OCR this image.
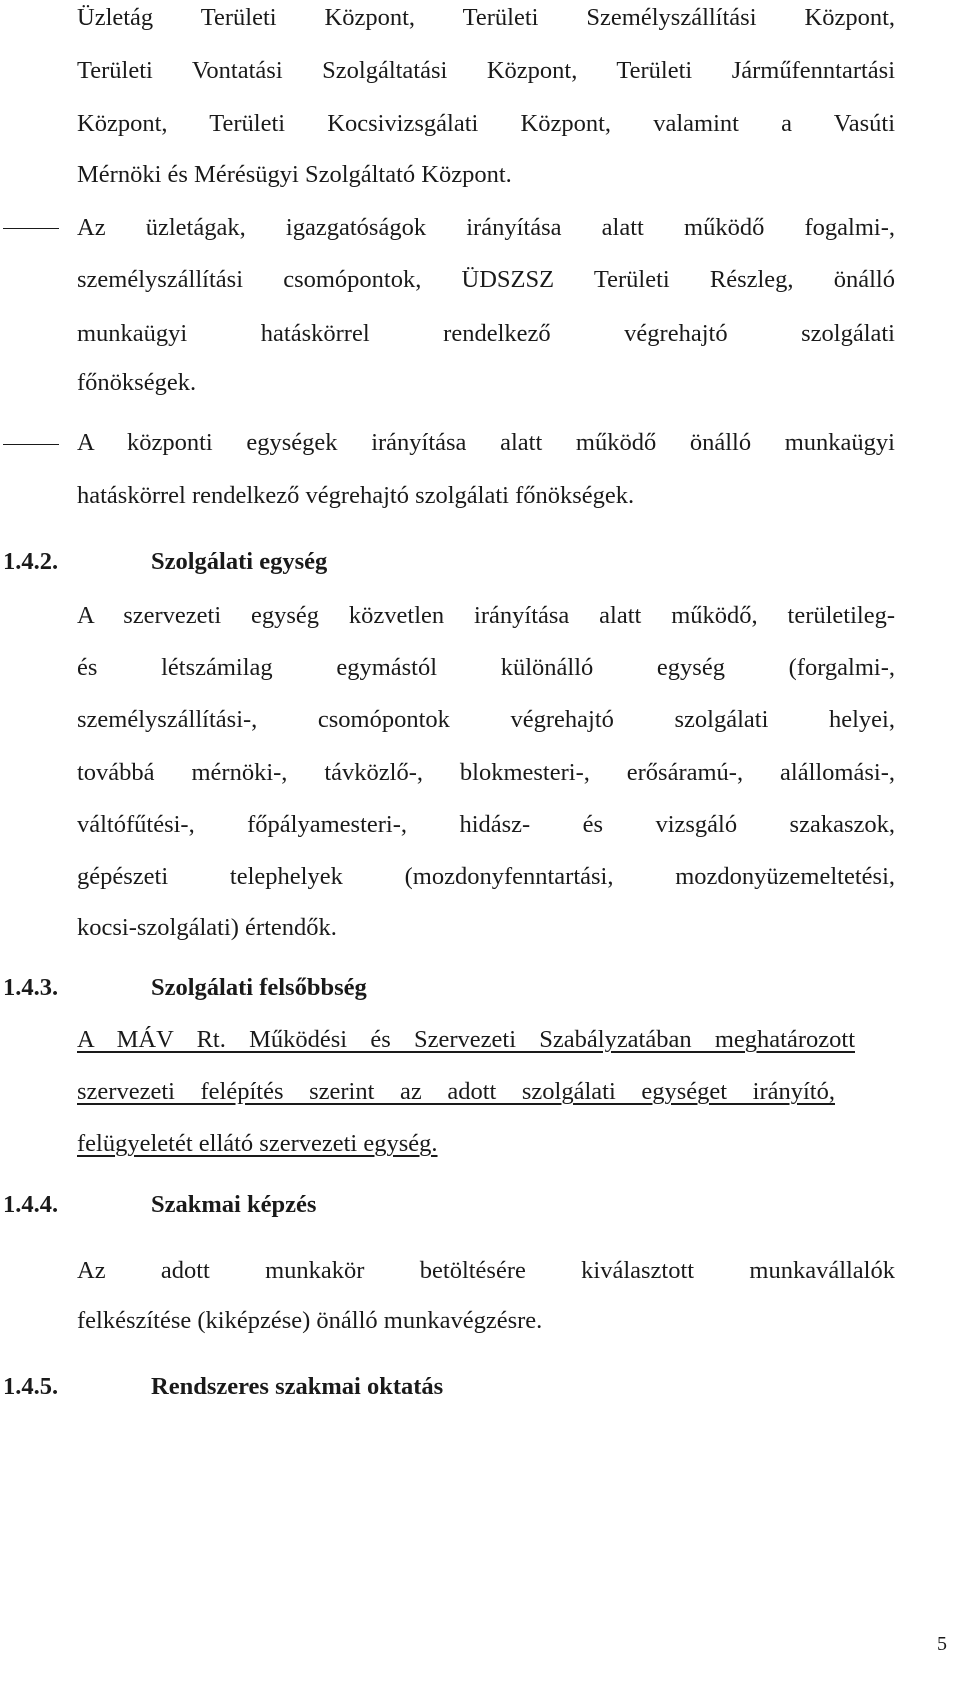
Üzletág Területi Központ, Területi Személyszállítási Központ,
Területi Vontatási Szolgáltatási Központ, Területi Járműfenntartási
Központ, Területi Kocsivizsgálati Központ, valamint a Vasúti
Mérnöki és Mérésügyi Szolgáltató Központ.
Az üzletágak, igazgatóságok irányítása alatt működő fogalmi-,
személyszállítási csomópontok, ÜDSZSZ Területi Részleg, önálló
munkaügyi hatáskörrel rendelkező végrehajtó szolgálati
főnökségek.
A központi egységek irányítása alatt működő önálló munkaügyi
hatáskörrel rendelkező végrehajtó szolgálati főnökségek.
1.4.2.	Szolgálati egység
A szervezeti egység közvetlen irányítása alatt működő, területileg-
és létszámilag egymástól különálló egység (forgalmi-,
személyszállítási-, csomópontok végrehajtó szolgálati helyei,
továbbá mérnöki-, távközlő-, blokmesteri-, erősáramú-, alállomási-,
váltófűtési-, főpályamesteri-, hidász- és vizsgáló szakaszok,
gépészeti telephelyek (mozdonyfenntartási, mozdonyüzemeltetési,
kocsi-szolgálati) értendők.
1.4.3.	Szolgálati felsőbbség
A MÁV Rt. Működési és Szervezeti Szabályzatában meghatározott
szervezeti felépítés szerint az adott szolgálati egységet irányító,
felügyeletét ellátó szervezeti egység.
1.4.4.	Szakmai képzés
Az adott munkakör betöltésére kiválasztott munkavállalók
felkészítése (kiképzése) önálló munkavégzésre.
1.4.5.	Rendszeres szakmai oktatás
5
